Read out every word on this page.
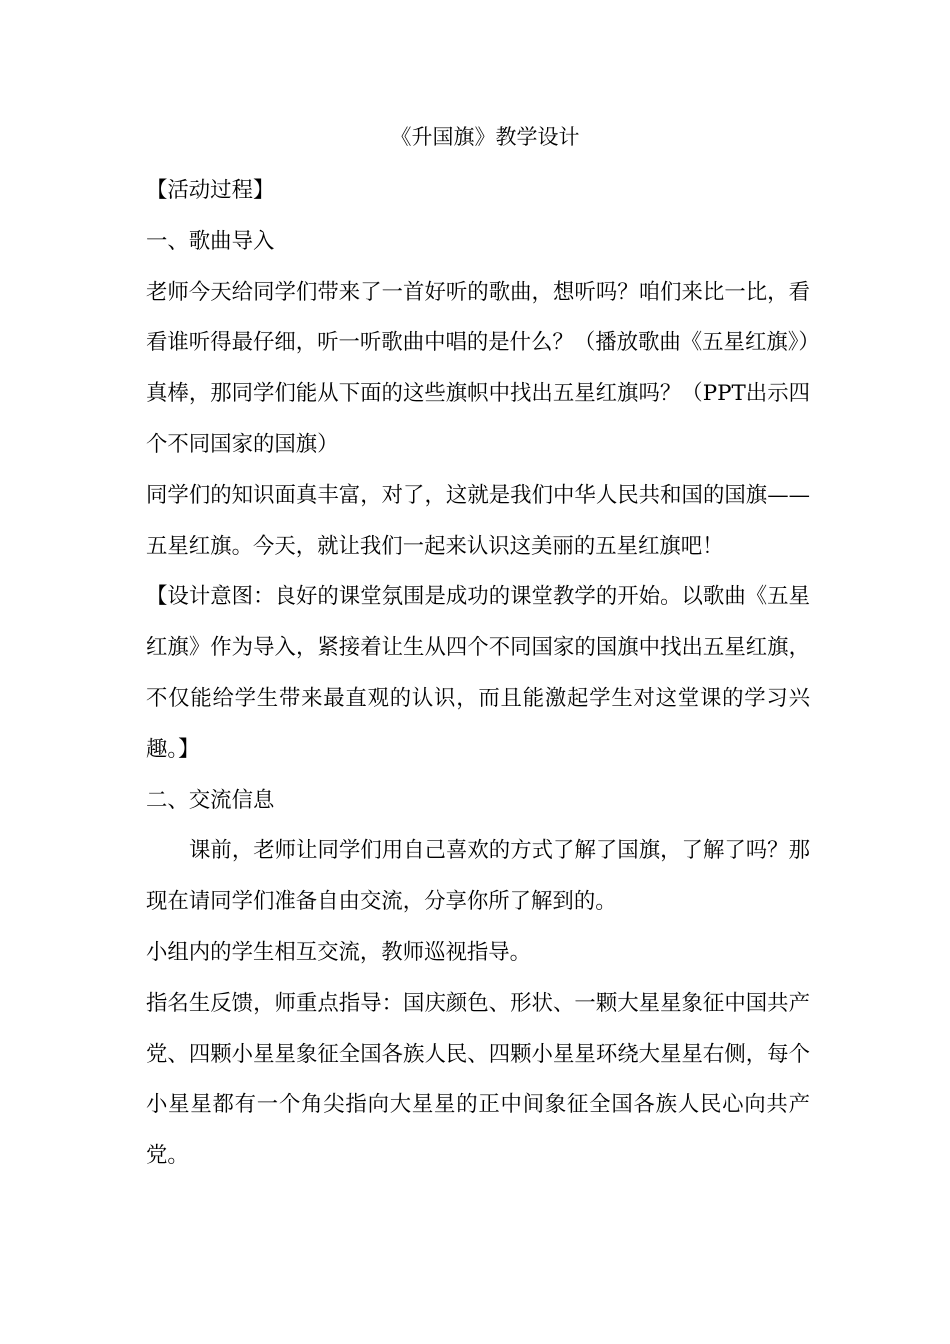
《升国旗》教学设计

【活动过程】

一、歌曲导入

老师今天给同学们带来了一首好听的歌曲，想听吗？咱们来比一比，看看谁听得最仔细，听一听歌曲中唱的是什么？（播放歌曲《五星红旗》）

真棒，那同学们能从下面的这些旗帜中找出五星红旗吗？（PPT出示四个不同国家的国旗）

同学们的知识面真丰富，对了，这就是我们中华人民共和国的国旗——五星红旗。今天，就让我们一起来认识这美丽的五星红旗吧！

【设计意图：良好的课堂氛围是成功的课堂教学的开始。以歌曲《五星红旗》作为导入，紧接着让生从四个不同国家的国旗中找出五星红旗，不仅能给学生带来最直观的认识，而且能激起学生对这堂课的学习兴趣。】

二、交流信息

课前，老师让同学们用自己喜欢的方式了解了国旗，了解了吗？那现在请同学们准备自由交流，分享你所了解到的。

小组内的学生相互交流，教师巡视指导。

指名生反馈，师重点指导：国庆颜色、形状、一颗大星星象征中国共产党、四颗小星星象征全国各族人民、四颗小星星环绕大星星右侧，每个小星星都有一个角尖指向大星星的正中间象征全国各族人民心向共产党。
